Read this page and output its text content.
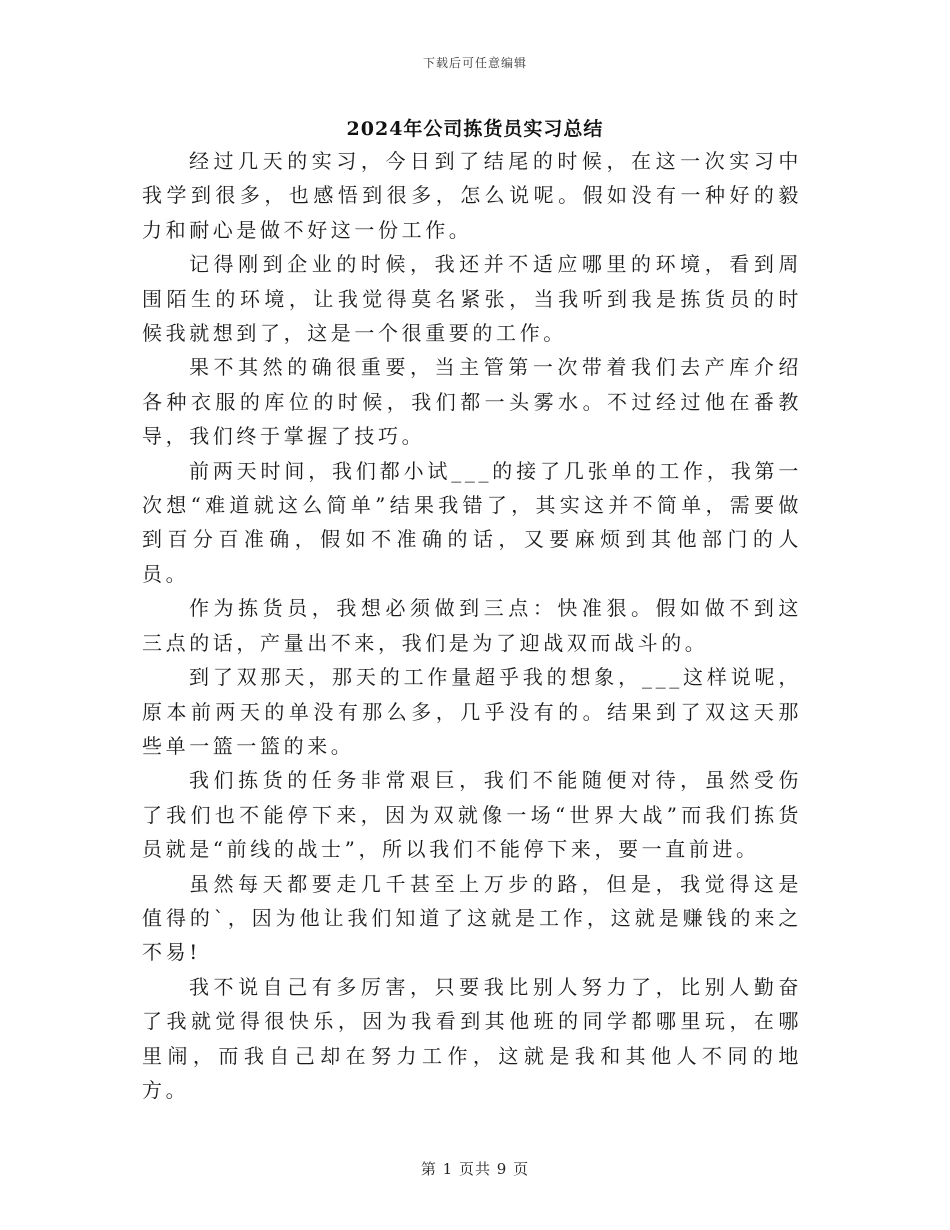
下载后可任意编辑
2024年公司拣货员实习总结

经过几天的实习，今日到了结尾的时候，在这一次实习中我学到很多，也感悟到很多，怎么说呢。假如没有一种好的毅力和耐心是做不好这一份工作。

记得刚到企业的时候，我还并不适应哪里的环境，看到周围陌生的环境，让我觉得莫名紧张，当我听到我是拣货员的时候我就想到了，这是一个很重要的工作。

果不其然的确很重要，当主管第一次带着我们去产库介绍各种衣服的库位的时候，我们都一头雾水。不过经过他在番教导，我们终于掌握了技巧。

前两天时间，我们都小试___的接了几张单的工作，我第一次想“难道就这么简单”结果我错了，其实这并不简单，需要做到百分百准确，假如不准确的话，又要麻烦到其他部门的人员。

作为拣货员，我想必须做到三点：快准狠。假如做不到这三点的话，产量出不来，我们是为了迎战双而战斗的。

到了双那天，那天的工作量超乎我的想象，___这样说呢，原本前两天的单没有那么多，几乎没有的。结果到了双这天那些单一篮一篮的来。

我们拣货的任务非常艰巨，我们不能随便对待，虽然受伤了我们也不能停下来，因为双就像一场“世界大战”而我们拣货员就是“前线的战士”，所以我们不能停下来，要一直前进。

虽然每天都要走几千甚至上万步的路，但是，我觉得这是值得的`，因为他让我们知道了这就是工作，这就是赚钱的来之不易!

我不说自己有多厉害，只要我比别人努力了，比别人勤奋了我就觉得很快乐，因为我看到其他班的同学都哪里玩，在哪里闹，而我自己却在努力工作，这就是我和其他人不同的地方。

第 1 页共 9 页
